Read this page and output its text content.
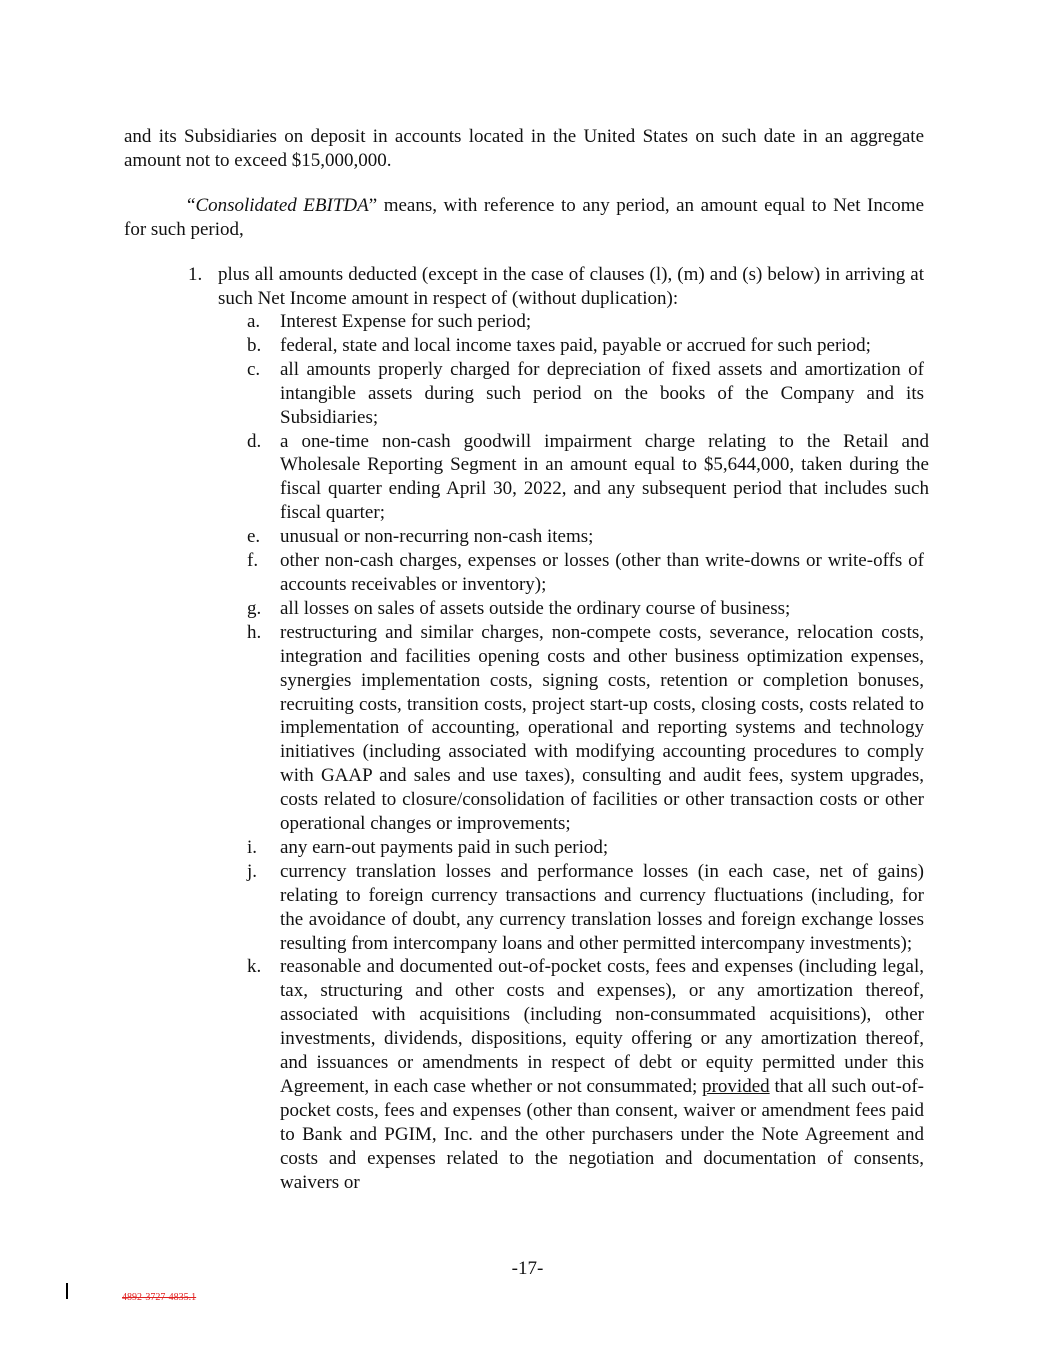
and its Subsidiaries on deposit in accounts located in the United States on such date in an aggregate amount not to exceed $15,000,000.

“Consolidated EBITDA” means, with reference to any period, an amount equal to Net Income for such period,

1. plus all amounts deducted (except in the case of clauses (l), (m) and (s) below) in arriving at such Net Income amount in respect of (without duplication):
a. Interest Expense for such period;
b. federal, state and local income taxes paid, payable or accrued for such period;
c. all amounts properly charged for depreciation of fixed assets and amortization of intangible assets during such period on the books of the Company and its Subsidiaries;
d. a one-time non-cash goodwill impairment charge relating to the Retail and Wholesale Reporting Segment in an amount equal to $5,644,000, taken during the fiscal quarter ending April 30, 2022, and any subsequent period that includes such fiscal quarter;
e. unusual or non-recurring non-cash items;
f. other non-cash charges, expenses or losses (other than write-downs or write-offs of accounts receivables or inventory);
g. all losses on sales of assets outside the ordinary course of business;
h. restructuring and similar charges, non-compete costs, severance, relocation costs, integration and facilities opening costs and other business optimization expenses, synergies implementation costs, signing costs, retention or completion bonuses, recruiting costs, transition costs, project start-up costs, closing costs, costs related to implementation of accounting, operational and reporting systems and technology initiatives (including associated with modifying accounting procedures to comply with GAAP and sales and use taxes), consulting and audit fees, system upgrades, costs related to closure/consolidation of facilities or other transaction costs or other operational changes or improvements;
i. any earn-out payments paid in such period;
j. currency translation losses and performance losses (in each case, net of gains) relating to foreign currency transactions and currency fluctuations (including, for the avoidance of doubt, any currency translation losses and foreign exchange losses resulting from intercompany loans and other permitted intercompany investments);
k. reasonable and documented out-of-pocket costs, fees and expenses (including legal, tax, structuring and other costs and expenses), or any amortization thereof, associated with acquisitions (including non-consummated acquisitions), other investments, dividends, dispositions, equity offering or any amortization thereof, and issuances or amendments in respect of debt or equity permitted under this Agreement, in each case whether or not consummated; provided that all such out-of-pocket costs, fees and expenses (other than consent, waiver or amendment fees paid to Bank and PGIM, Inc. and the other purchasers under the Note Agreement and costs and expenses related to the negotiation and documentation of consents, waivers or
-17-
4892-3727-4835.1
